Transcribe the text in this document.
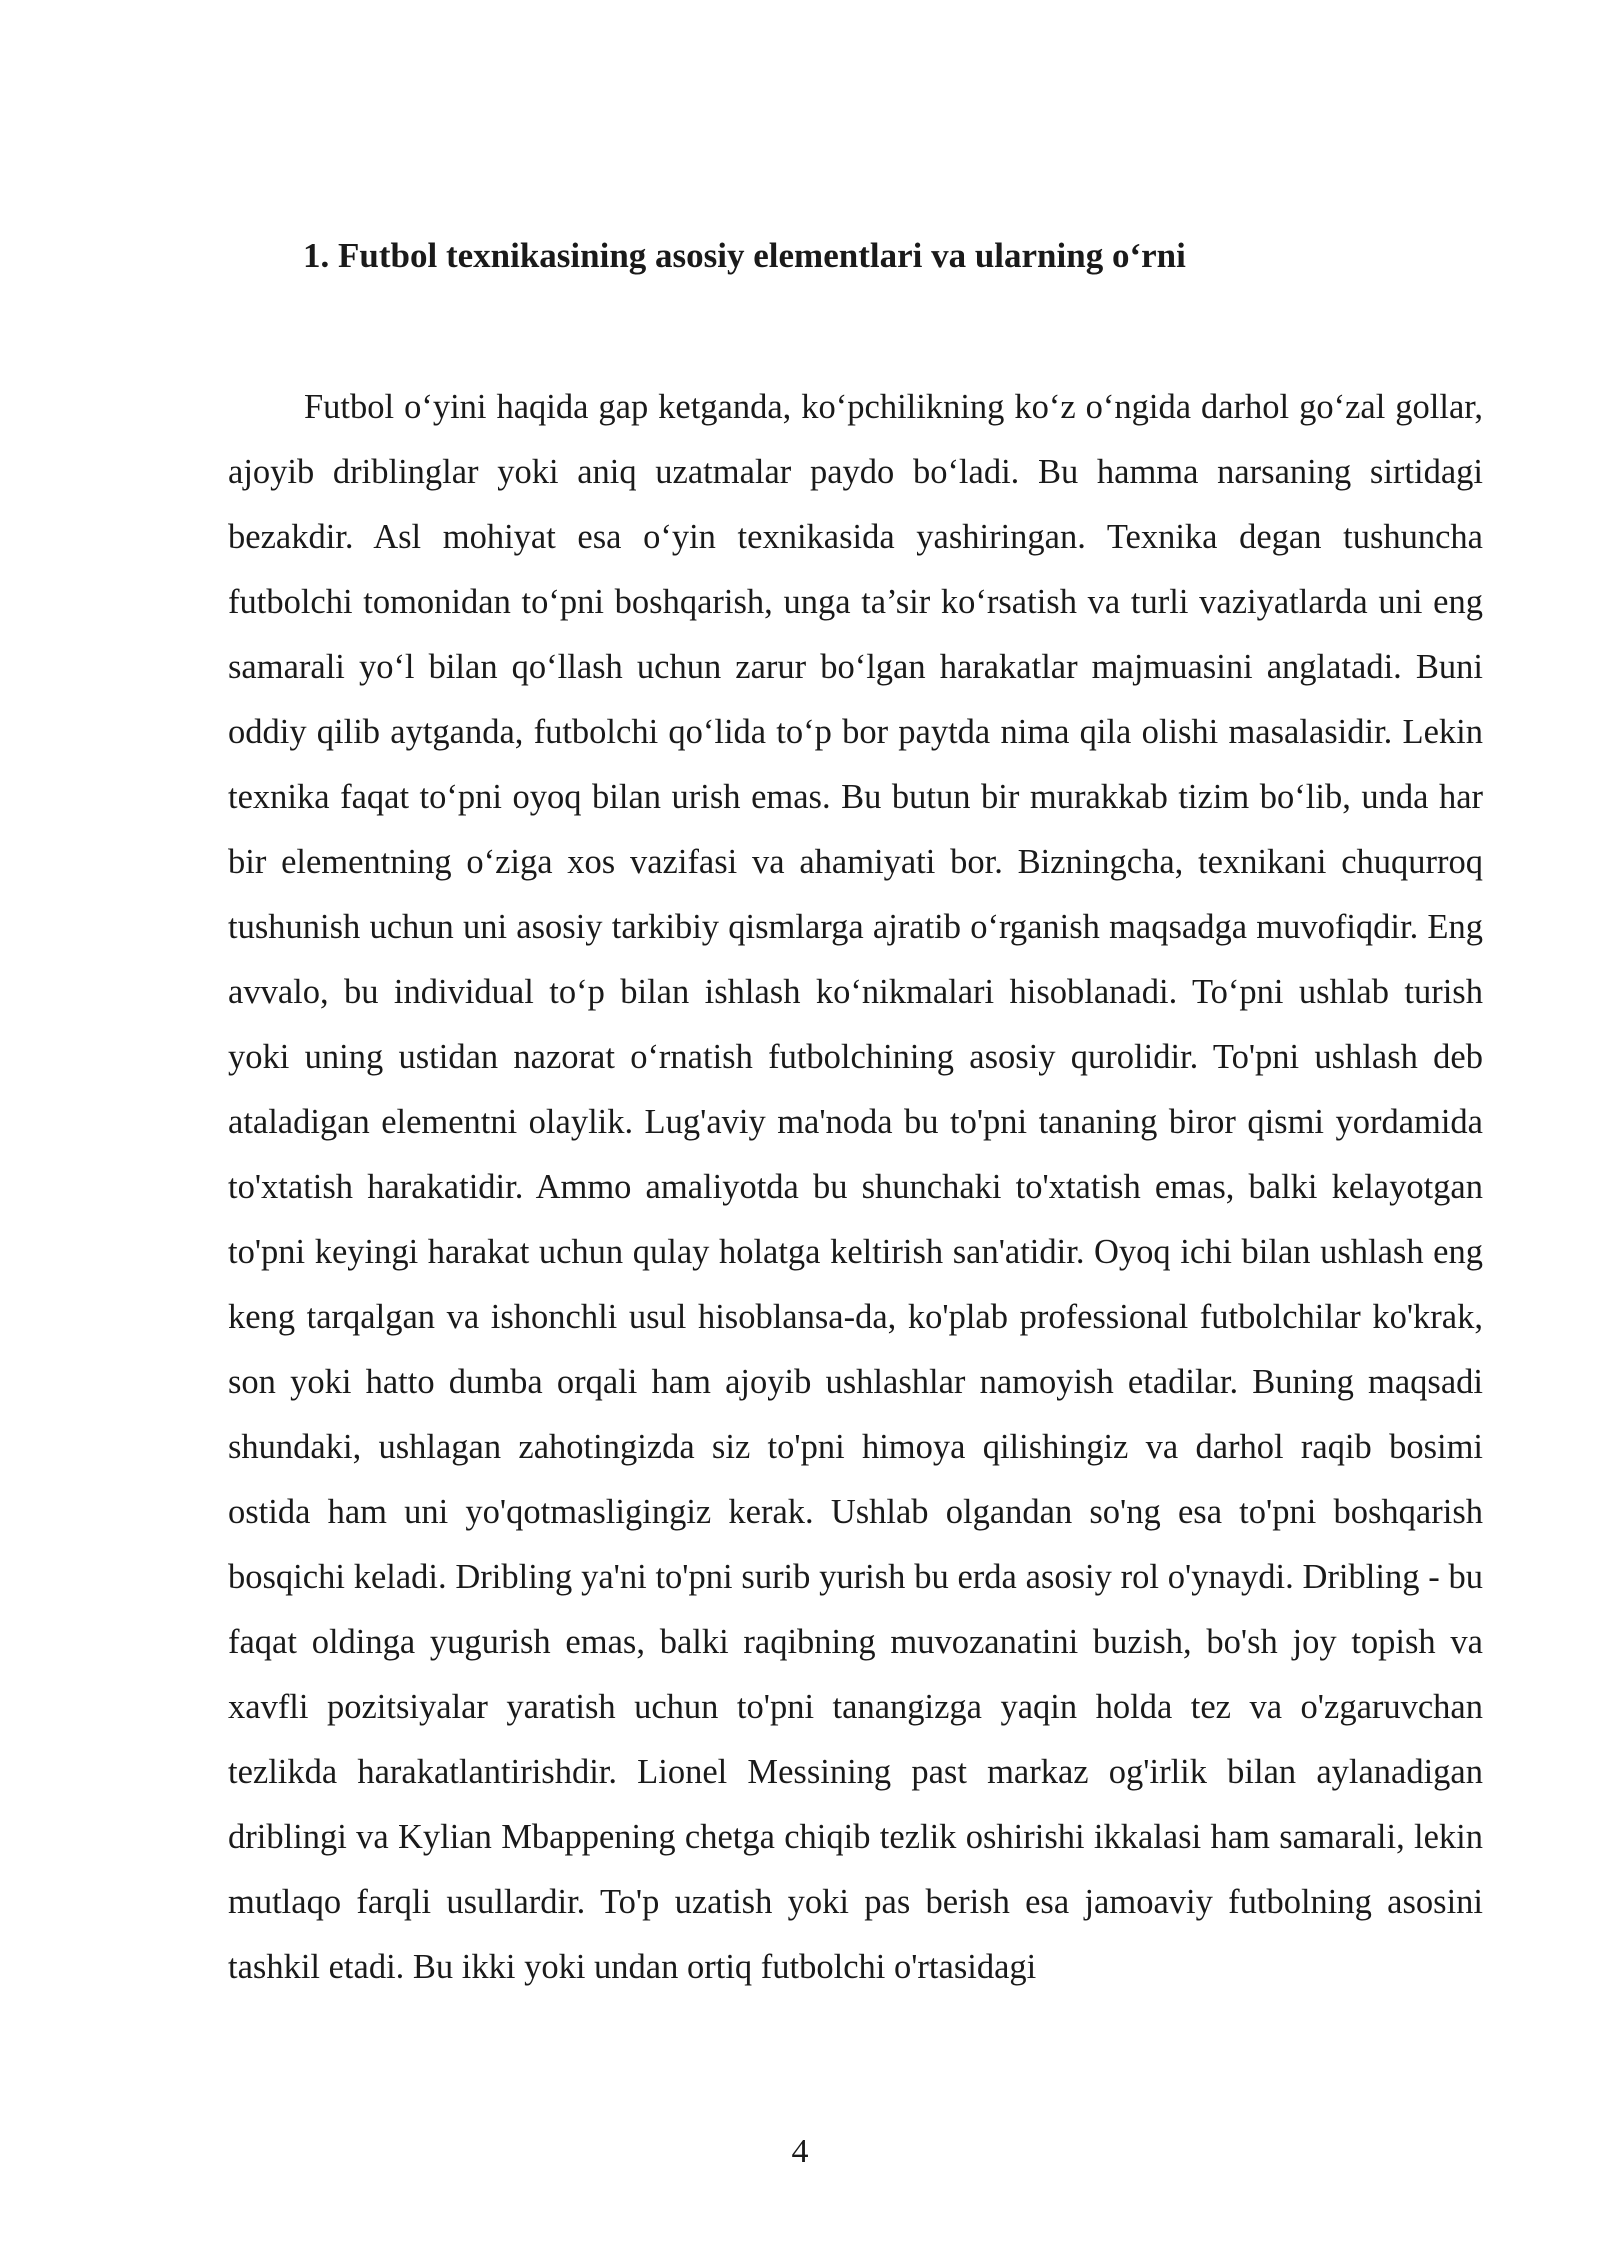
1. Futbol texnikasining asosiy elementlari va ularning o‘rni

Futbol o‘yini haqida gap ketganda, ko‘pchilikning ko‘z o‘ngida darhol go‘zal gollar, ajoyib driblinglar yoki aniq uzatmalar paydo bo‘ladi. Bu hamma narsaning sirtidagi bezakdir. Asl mohiyat esa o‘yin texnikasida yashiringan. Texnika degan tushuncha futbolchi tomonidan to‘pni boshqarish, unga ta’sir ko‘rsatish va turli vaziyatlarda uni eng samarali yo‘l bilan qo‘llash uchun zarur bo‘lgan harakatlar majmuasini anglatadi. Buni oddiy qilib aytganda, futbolchi qo‘lida to‘p bor paytda nima qila olishi masalasidir. Lekin texnika faqat to‘pni oyoq bilan urish emas. Bu butun bir murakkab tizim bo‘lib, unda har bir elementning o‘ziga xos vazifasi va ahamiyati bor. Bizningcha, texnikani chuqurroq tushunish uchun uni asosiy tarkibiy qismlarga ajratib o‘rganish maqsadga muvofiqdir. Eng avvalo, bu individual to‘p bilan ishlash ko‘nikmalari hisoblanadi. To‘pni ushlab turish yoki uning ustidan nazorat o‘rnatish futbolchining asosiy qurolidir. To'pni ushlash deb ataladigan elementni olaylik. Lug'aviy ma'noda bu to'pni tananing biror qismi yordamida to'xtatish harakatidir. Ammo amaliyotda bu shunchaki to'xtatish emas, balki kelayotgan to'pni keyingi harakat uchun qulay holatga keltirish san'atidir. Oyoq ichi bilan ushlash eng keng tarqalgan va ishonchli usul hisoblansa-da, ko'plab professional futbolchilar ko'krak, son yoki hatto dumba orqali ham ajoyib ushlashlar namoyish etadilar. Buning maqsadi shundaki, ushlagan zahotingizda siz to'pni himoya qilishingiz va darhol raqib bosimi ostida ham uni yo'qotmasligingiz kerak. Ushlab olgandan so'ng esa to'pni boshqarish bosqichi keladi. Dribling ya'ni to'pni surib yurish bu erda asosiy rol o'ynaydi. Dribling - bu faqat oldinga yugurish emas, balki raqibning muvozanatini buzish, bo'sh joy topish va xavfli pozitsiyalar yaratish uchun to'pni tanangizga yaqin holda tez va o'zgaruvchan tezlikda harakatlantirishdir. Lionel Messining past markaz og'irlik bilan aylanadigan driblingi va Kylian Mbappening chetga chiqib tezlik oshirishi ikkalasi ham samarali, lekin mutlaqo farqli usullardir. To'p uzatish yoki pas berish esa jamoaviy futbolning asosini tashkil etadi. Bu ikki yoki undan ortiq futbolchi o'rtasidagi

4
